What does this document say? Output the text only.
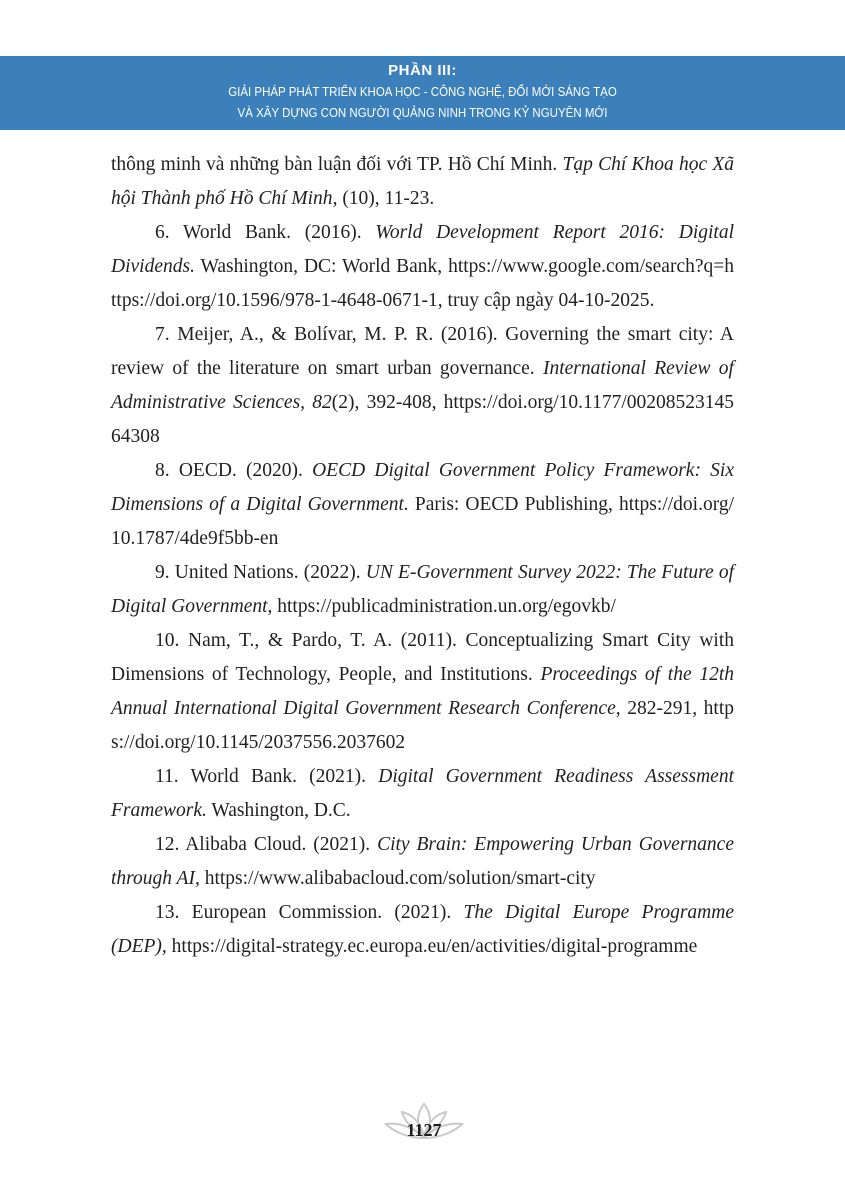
PHẦN III:
GIẢI PHÁP PHÁT TRIỂN KHOA HỌC - CÔNG NGHỆ, ĐỔI MỚI SÁNG TẠO
VÀ XÂY DỰNG CON NGƯỜI QUẢNG NINH TRONG KỶ NGUYÊN MỚI

thông minh và những bàn luận đối với TP. Hồ Chí Minh. Tạp Chí Khoa học Xã hội Thành phố Hồ Chí Minh, (10), 11-23.

6. World Bank. (2016). World Development Report 2016: Digital Dividends. Washington, DC: World Bank, https://www.google.com/search?q=https://doi.org/10.1596/978-1-4648-0671-1, truy cập ngày 04-10-2025.

7. Meijer, A., & Bolívar, M. P. R. (2016). Governing the smart city: A review of the literature on smart urban governance. International Review of Administrative Sciences, 82(2), 392-408, https://doi.org/10.1177/0020852314564308

8. OECD. (2020). OECD Digital Government Policy Framework: Six Dimensions of a Digital Government. Paris: OECD Publishing, https://doi.org/10.1787/4de9f5bb-en

9. United Nations. (2022). UN E-Government Survey 2022: The Future of Digital Government, https://publicadministration.un.org/egovkb/

10. Nam, T., & Pardo, T. A. (2011). Conceptualizing Smart City with Dimensions of Technology, People, and Institutions. Proceedings of the 12th Annual International Digital Government Research Conference, 282-291, https://doi.org/10.1145/2037556.2037602

11. World Bank. (2021). Digital Government Readiness Assessment Framework. Washington, D.C.

12. Alibaba Cloud. (2021). City Brain: Empowering Urban Governance through AI, https://www.alibabacloud.com/solution/smart-city

13. European Commission. (2021). The Digital Europe Programme (DEP), https://digital-strategy.ec.europa.eu/en/activities/digital-programme

1127
